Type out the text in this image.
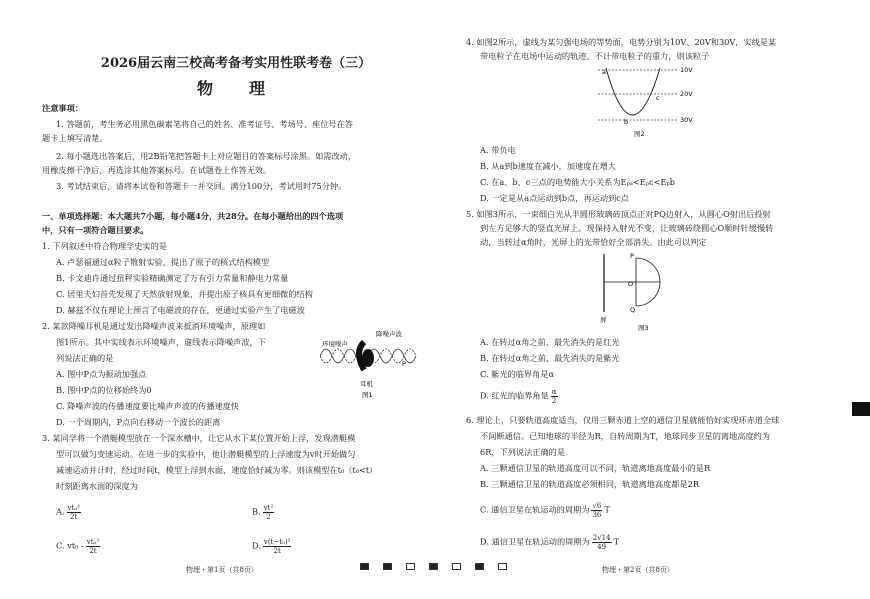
2026届云南三校高考备考实用性联考卷（三）
物　理
注意事项：
1. 答题前，考生务必用黑色碳素笔将自己的姓名、准考证号、考场号、座位号在答
题卡上填写清楚。
2. 每小题选出答案后，用2B铅笔把答题卡上对应题目的答案标号涂黑。如需改动，
用橡皮擦干净后，再选涂其他答案标号。在试题卷上作答无效。
3. 考试结束后，请将本试卷和答题卡一并交回。满分100分，考试用时75分钟。
一、单项选择题：本大题共7小题，每小题4分，共28分。在每小题给出的四个选项
中，只有一项符合题目要求。
1. 下列叙述中符合物理学史实的是
A. 卢瑟福通过α粒子散射实验，提出了原子的核式结构模型
B. 卡文迪许通过扭秤实验精确测定了万有引力常量和静电力常量
C. 居里夫妇首先发现了天然放射现象，并提出原子核具有更细微的结构
D. 赫兹不仅在理论上预言了电磁波的存在，更通过实验产生了电磁波
2. 某款降噪耳机是通过发出降噪声波来抵消环境噪声，原理如
图1所示。其中实线表示环境噪声，虚线表示降噪声波，下
列说法正确的是
A. 图中P点为振动加强点
B. 图中P点的位移始终为0
C. 降噪声波的传播速度要比噪声声波的传播速度快
D. 一个周期内，P点向右移动一个波长的距离
降噪声波
环境噪声
耳机
P
图1
3. 某同学将一个潜艇模型放在一个深水槽中，让它从水下某位置开始上浮，发现潜艇模
型可以做匀变速运动。在进一步的实验中，他让潜艇模型的上浮速度为v时开始做匀
减速运动并计时，经过时间t，模型上浮到水面，速度恰好减为零。则该模型在t₀（t₀<t）
时刻距离水面的深度为
A. $\frac{\text{vt₀²}}{2t}$	B. $\frac{\text{vt²}}{2}$
C. $vt_0 - \frac{\text{vt₀²}}{2t}$	D. $\frac{\text{v(t−t₀)²}}{2t}$
物理・第1页（共8页）
4. 如图2所示，虚线为某匀强电场的等势面，电势分别为10V、20V和30V，实线是某
带电粒子在电场中运动的轨迹。不计带电粒子的重力，则该粒子
10V
20V
30V
a
b
c
图2
A. 带负电
B. 从a到b速度在减小，加速度在增大
C. 在a、b、c三点的电势能大小关系为Eₚₐ<Eₚc<Eₚb
D. 一定是从a点运动到b点，再运动到c点
5. 如图3所示，一束细白光从半圆形玻璃砖顶点正对PQ边射入，从圆心O射出后投射
到左方足够大的竖直光屏上。现保持入射光不变，让玻璃砖绕圆心O顺时针缓慢转
动，当转过α角时，光屏上的光带恰好全部消失。由此可以判定
P
O
Q
屏
图3
A. 在转过α角之前，最先消失的是红光
B. 在转过α角之前，最先消失的是紫光
C. 紫光的临界角是α
D. 红光的临界角是 $\frac{\alpha}{2}$
6. 理论上，只要轨道高度适当，仅用三颗赤道上空的通信卫星就能恰好实现环赤道全球
不间断通信。已知地球的半径为R，自转周期为T，地球同步卫星的离地高度约为
6R，下列说法正确的是
A. 三颗通信卫星的轨道高度可以不同，轨道离地高度最小的是R
B. 三颗通信卫星的轨道高度必须相同，轨道离地高度都是2R
C. 通信卫星在轨运动的周期为 $\frac{√6}{36}$ T
D. 通信卫星在轨运动的周期为 $\frac{2√14}{49}$ T
物理・第2页（共8页）
